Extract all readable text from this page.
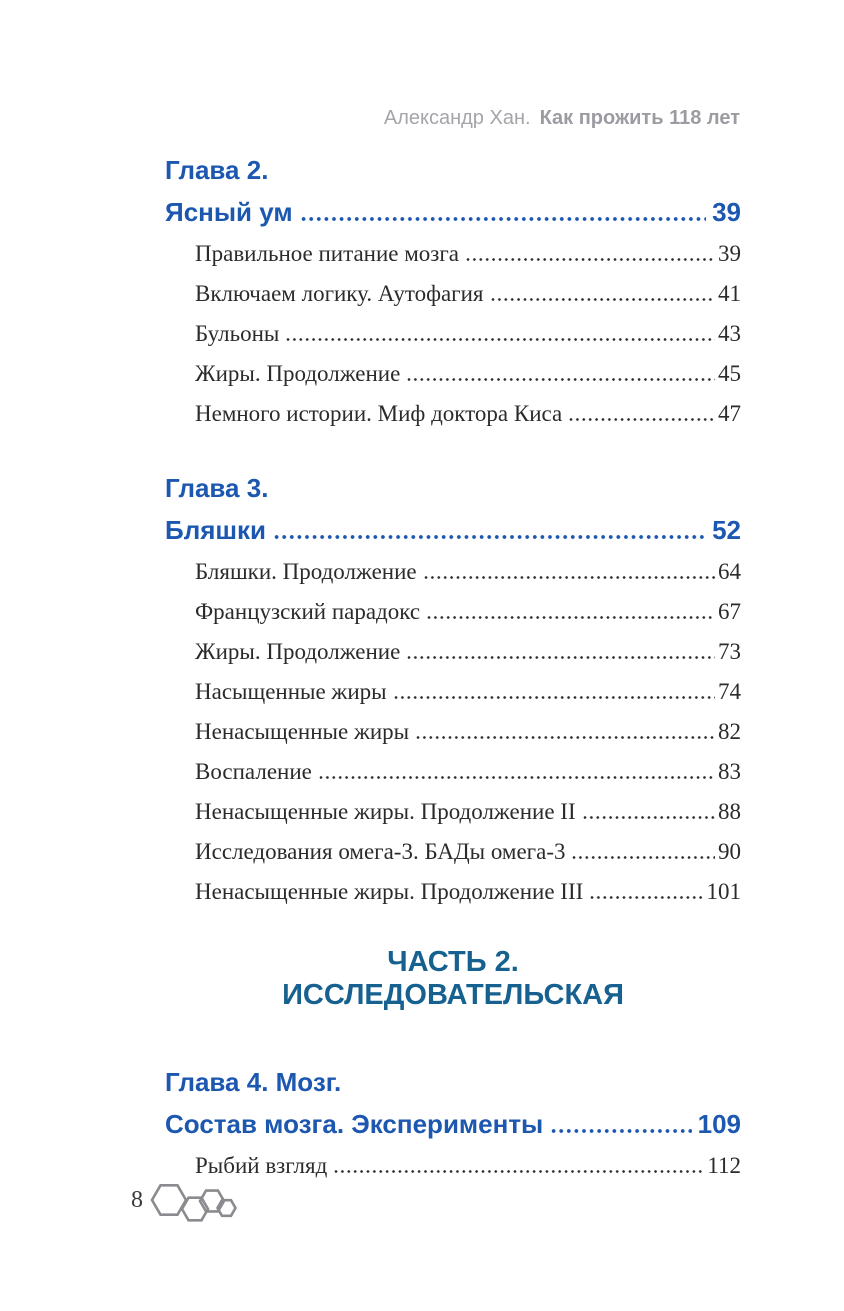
Александр Хан. Как прожить 118 лет
Глава 2.
Ясный ум	39
Правильное питание мозга	39
Включаем логику. Аутофагия	41
Бульоны	43
Жиры. Продолжение	45
Немного истории. Миф доктора Киса	47
Глава 3.
Бляшки	52
Бляшки. Продолжение	64
Французский парадокс	67
Жиры. Продолжение	73
Насыщенные жиры	74
Ненасыщенные жиры	82
Воспаление	83
Ненасыщенные жиры. Продолжение II	88
Исследования омега-3. БАДы омега-3	90
Ненасыщенные жиры. Продолжение III	101
ЧАСТЬ 2.
ИССЛЕДОВАТЕЛЬСКАЯ
Глава 4. Мозг.
Состав мозга. Эксперименты	109
Рыбий взгляд	112
8
